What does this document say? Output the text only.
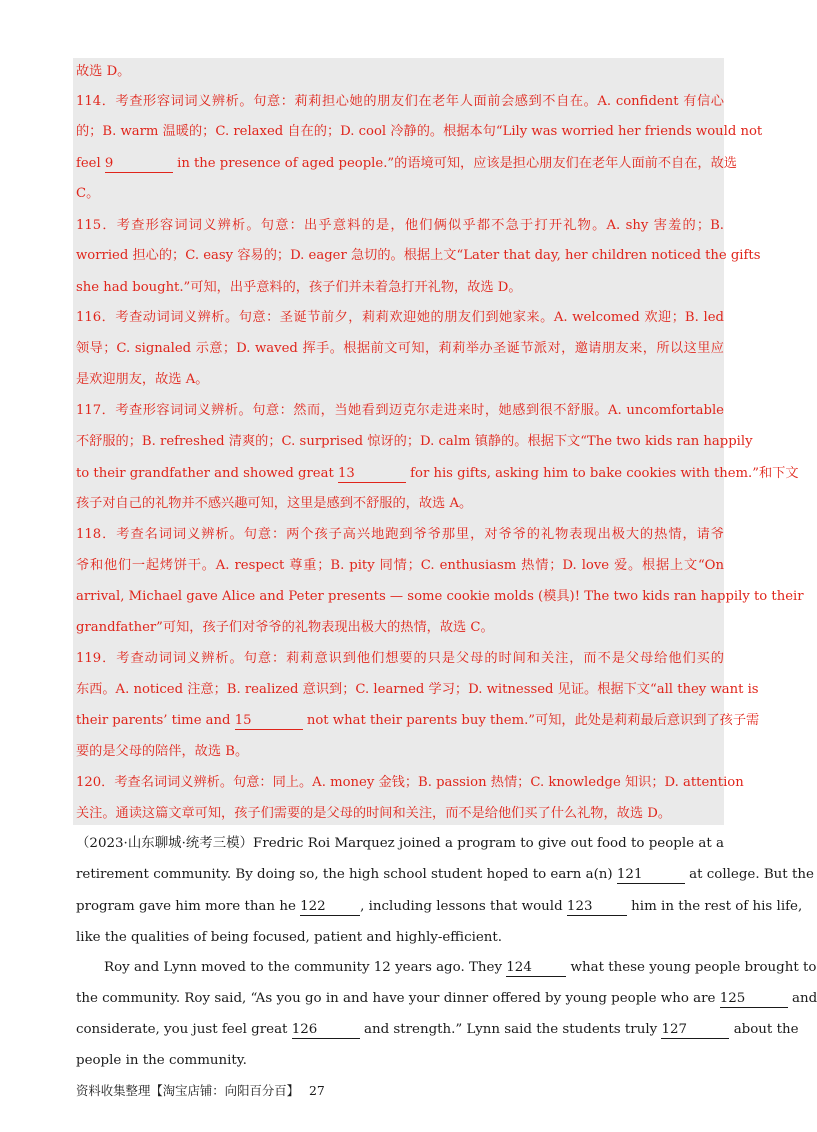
故选 D。
114．考查形容词词义辨析。句意：莉莉担心她的朋友们在老年人面前会感到不自在。A. confident 有信心
的；B. warm 温暖的；C. relaxed 自在的；D. cool 冷静的。根据本句“Lily was worried her friends would not
feel 9	in the presence of aged people.”的语境可知，应该是担心朋友们在老年人面前不自在，故选
C。
115．考查形容词词义辨析。句意：出乎意料的是，他们俩似乎都不急于打开礼物。A. shy 害羞的；B.
worried 担心的；C. easy 容易的；D. eager 急切的。根据上文“Later that day, her children noticed the gifts
she had bought.”可知，出乎意料的，孩子们并未着急打开礼物，故选 D。
116．考查动词词义辨析。句意：圣诞节前夕，莉莉欢迎她的朋友们到她家来。A. welcomed 欢迎；B. led
领导；C. signaled 示意；D. waved 挥手。根据前文可知，莉莉举办圣诞节派对，邀请朋友来，所以这里应
是欢迎朋友，故选 A。
117．考查形容词词义辨析。句意：然而，当她看到迈克尔走进来时，她感到很不舒服。A. uncomfortable
不舒服的；B. refreshed 清爽的；C. surprised 惊讶的；D. calm 镇静的。根据下文“The two kids ran happily
to their grandfather and showed great 13	for his gifts, asking him to bake cookies with them.”和下文
孩子对自己的礼物并不感兴趣可知，这里是感到不舒服的，故选 A。
118．考查名词词义辨析。句意：两个孩子高兴地跑到爷爷那里，对爷爷的礼物表现出极大的热情，请爷
爷和他们一起烤饼干。A. respect 尊重；B. pity 同情；C. enthusiasm 热情；D. love 爱。根据上文“On
arrival, Michael gave Alice and Peter presents — some cookie molds (模具)! The two kids ran happily to their
grandfather”可知，孩子们对爷爷的礼物表现出极大的热情，故选 C。
119．考查动词词义辨析。句意：莉莉意识到他们想要的只是父母的时间和关注，而不是父母给他们买的
东西。A. noticed 注意；B. realized 意识到；C. learned 学习；D. witnessed 见证。根据下文“all they want is
their parents’ time and 15	not what their parents buy them.”可知，此处是莉莉最后意识到了孩子需
要的是父母的陪伴，故选 B。
120．考查名词词义辨析。句意：同上。A. money 金钱；B. passion 热情；C. knowledge 知识；D. attention
关注。通读这篇文章可知，孩子们需要的是父母的时间和关注，而不是给他们买了什么礼物，故选 D。
（2023·山东聊城·统考三模）Fredric Roi Marquez joined a program to give out food to people at a
retirement community. By doing so, the high school student hoped to earn a(n) 121	at college. But the
program gave him more than he 122	, including lessons that would 123	him in the rest of his life,
like the qualities of being focused, patient and highly-efficient.
Roy and Lynn moved to the community 12 years ago. They 124	what these young people brought to
the community. Roy said, “As you go in and have your dinner offered by young people who are 125	and
considerate, you just feel great 126	and strength.” Lynn said the students truly 127	about the
people in the community.
资料收集整理【淘宝店铺：向阳百分百】 27
